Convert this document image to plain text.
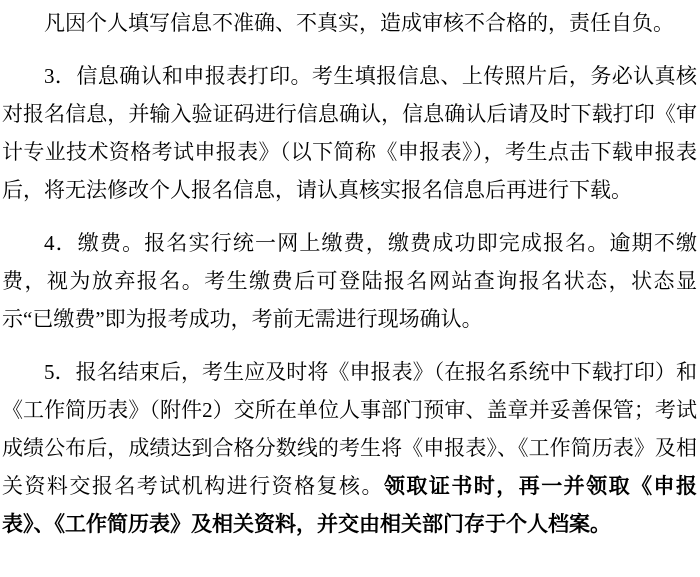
凡因个人填写信息不准确、不真实，造成审核不合格的，责任自负。

3．信息确认和申报表打印。考生填报信息、上传照片后，务必认真核对报名信息，并输入验证码进行信息确认，信息确认后请及时下载打印《审计专业技术资格考试申报表》（以下简称《申报表》），考生点击下载申报表后，将无法修改个人报名信息，请认真核实报名信息后再进行下载。

4．缴费。报名实行统一网上缴费，缴费成功即完成报名。逾期不缴费，视为放弃报名。考生缴费后可登陆报名网站查询报名状态，状态显示“已缴费”即为报考成功，考前无需进行现场确认。

5．报名结束后，考生应及时将《申报表》（在报名系统中下载打印）和《工作简历表》（附件2）交所在单位人事部门预审、盖章并妥善保管；考试成绩公布后，成绩达到合格分数线的考生将《申报表》、《工作简历表》及相关资料交报名考试机构进行资格复核。领取证书时，再一并领取《申报表》、《工作简历表》及相关资料，并交由相关部门存于个人档案。
